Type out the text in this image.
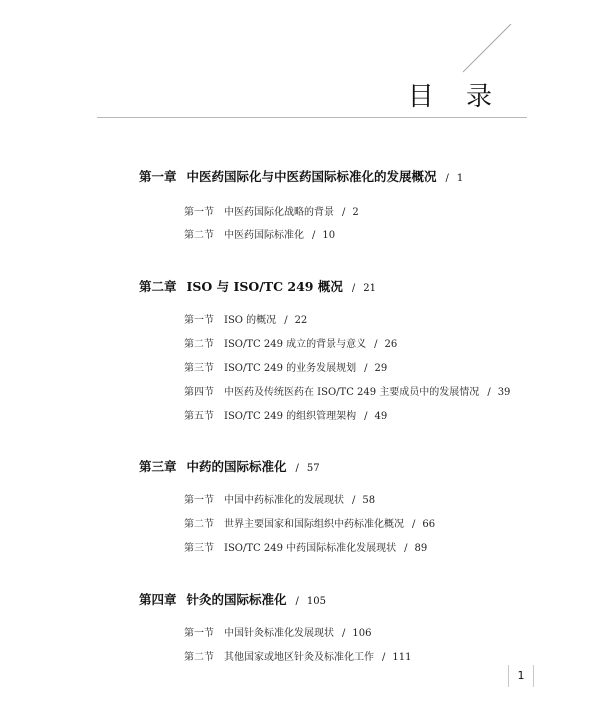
目 录
第一章 中医药国际化与中医药国际标准化的发展概况 / 1
第一节 中医药国际化战略的背景 / 2
第二节 中医药国际标准化 / 10
第二章 ISO 与 ISO/TC 249 概况 / 21
第一节 ISO 的概况 / 22
第二节 ISO/TC 249 成立的背景与意义 / 26
第三节 ISO/TC 249 的业务发展规划 / 29
第四节 中医药及传统医药在 ISO/TC 249 主要成员中的发展情况 / 39
第五节 ISO/TC 249 的组织管理架构 / 49
第三章 中药的国际标准化 / 57
第一节 中国中药标准化的发展现状 / 58
第二节 世界主要国家和国际组织中药标准化概况 / 66
第三节 ISO/TC 249 中药国际标准化发展现状 / 89
第四章 针灸的国际标准化 / 105
第一节 中国针灸标准化发展现状 / 106
第二节 其他国家或地区针灸及标准化工作 / 111
1
